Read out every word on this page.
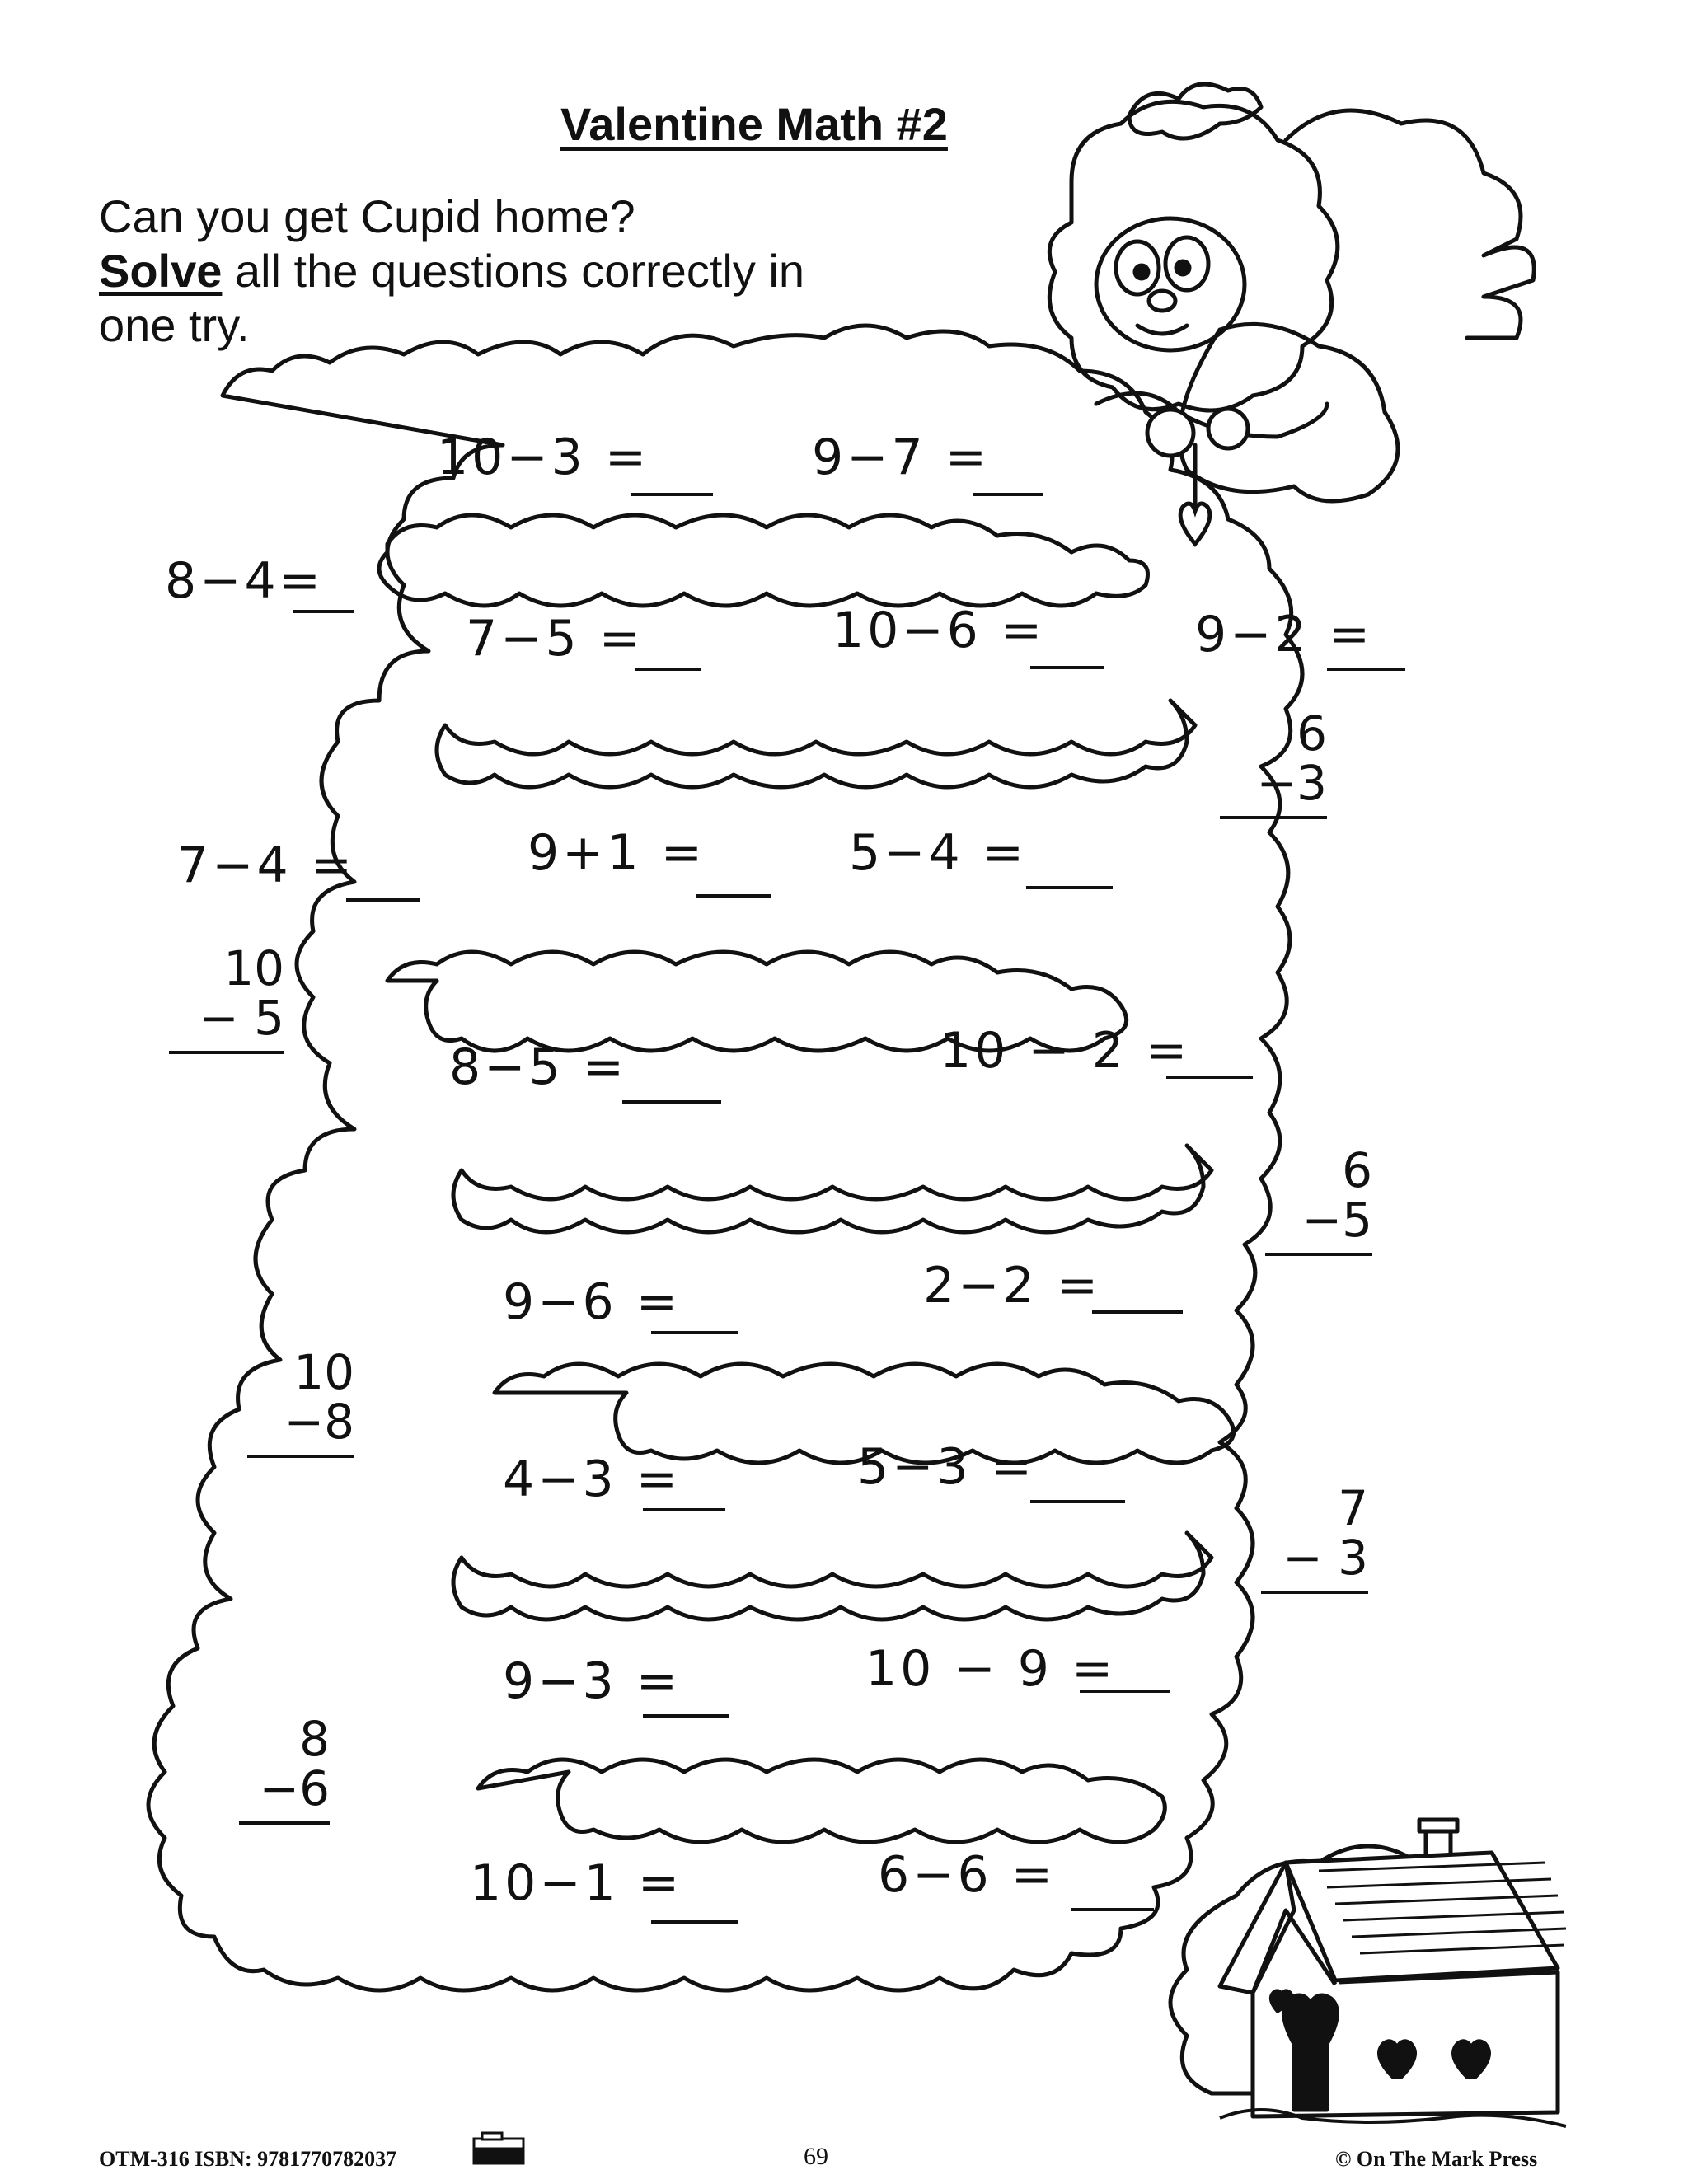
Valentine Math #2
Can you get Cupid home?
Solve all the questions correctly in
one try.
10−3 =	9−7 =
8−4=
7−5 =	10−6 =	9−2 =
7−4 =	9+1 =	5−4 =
8−5 =	10 − 2 =
9−6 =	2−2 =
4−3 =	5−3 =
9−3 =	10 − 9 =
10−1 =	6−6 =
6
−3
10
− 5
6
−5
10
−8
7
− 3
8
−6
OTM-316 ISBN: 9781770782037	69	© On The Mark Press
